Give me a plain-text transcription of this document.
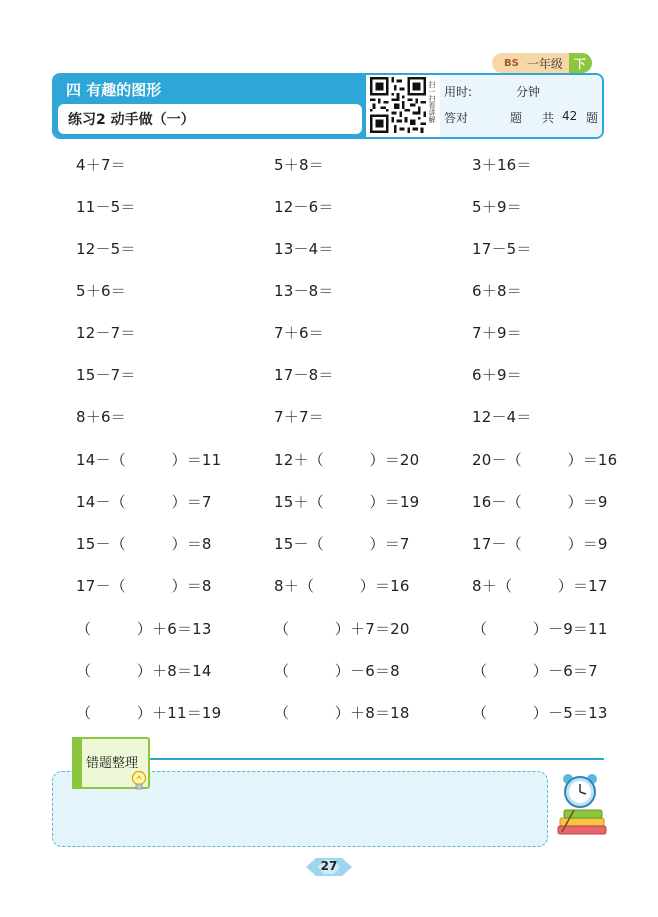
BS 一年级 下
四 有趣的图形
练习2 动手做（一）	扫一扫看讲解 用时:	分钟
答对	题 共 42 题
4＋7＝
11－5＝
12－5＝
5＋6＝
12－7＝
15－7＝
8＋6＝
14－（　　　）＝11
14－（　　　）＝7
15－（　　　）＝8
17－（　　　）＝8
（　　　）＋6＝13
（　　　）＋8＝14
（　　　）＋11＝19
5＋8＝
12－6＝
13－4＝
13－8＝
7＋6＝
17－8＝
7＋7＝
12＋（　　　）＝20
15＋（　　　）＝19
15－（　　　）＝7
8＋（　　　）＝16
（　　　）＋7＝20
（　　　）－6＝8
（　　　）＋8＝18
3＋16＝
5＋9＝
17－5＝
6＋8＝
7＋9＝
6＋9＝
12－4＝
20－（　　　）＝16
16－（　　　）＝9
17－（　　　）＝9
8＋（　　　）＝17
（　　　）－9＝11
（　　　）－6＝7
（　　　）－5＝13
错题整理
27
